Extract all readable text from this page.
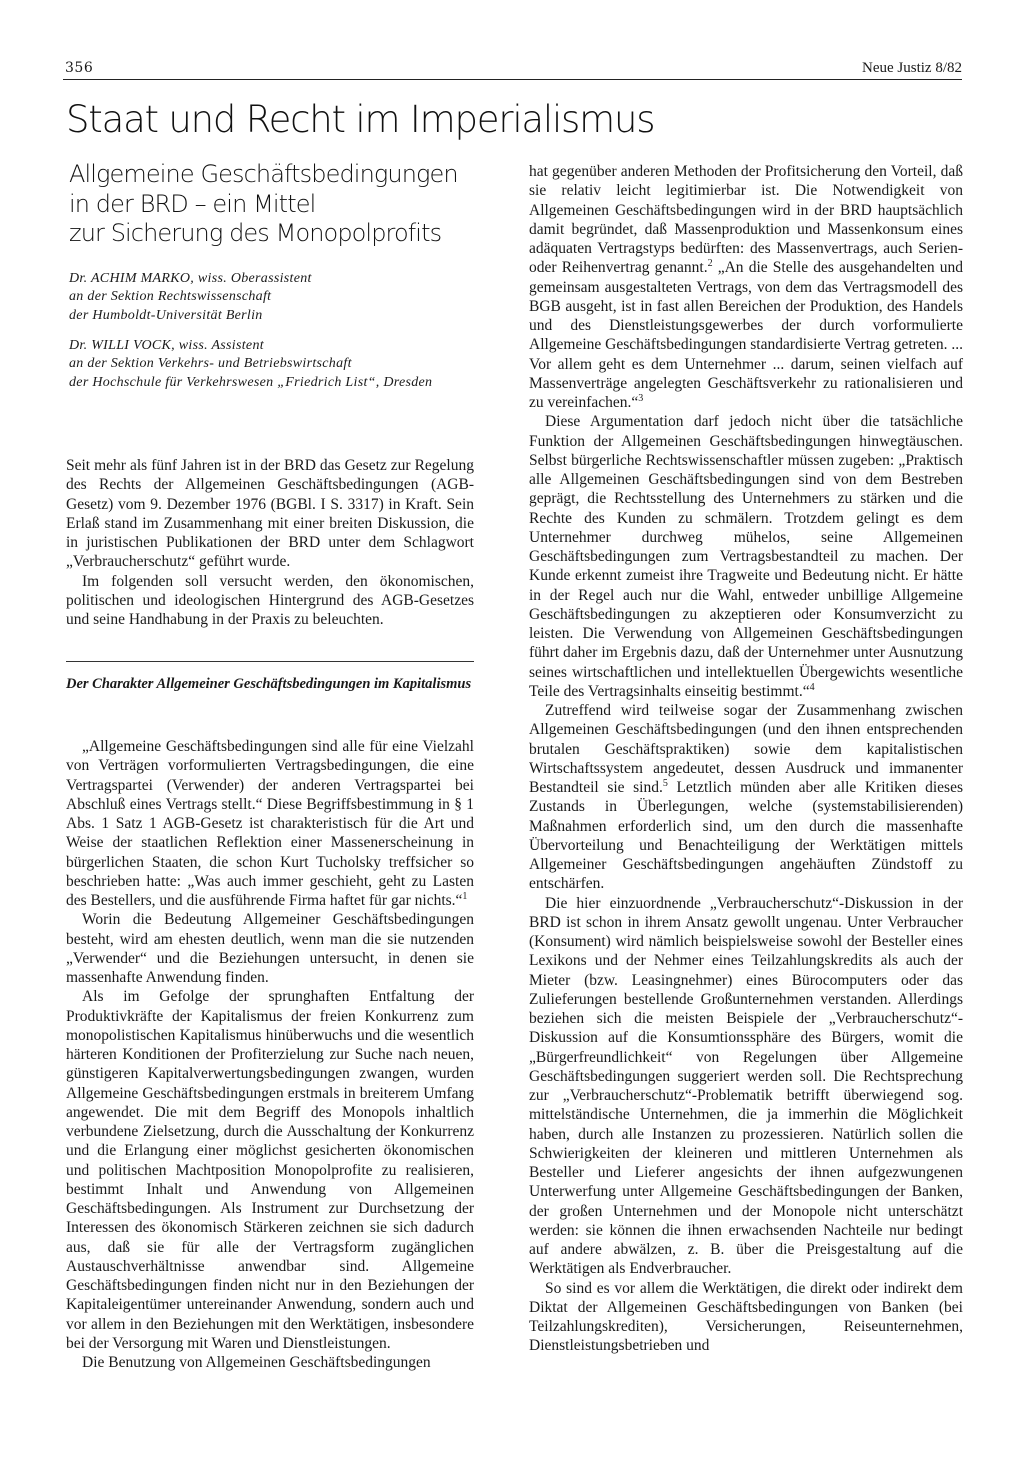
356	Neue Justiz 8/82
Staat und Recht im Imperialismus
Allgemeine Geschäftsbedingungen
in der BRD – ein Mittel
zur Sicherung des Monopolprofits
Dr. ACHIM MARKO, wiss. Oberassistent
an der Sektion Rechtswissenschaft
der Humboldt-Universität Berlin
Dr. WILLI VOCK, wiss. Assistent
an der Sektion Verkehrs- und Betriebswirtschaft
der Hochschule für Verkehrswesen „Friedrich List“, Dresden

Seit mehr als fünf Jahren ist in der BRD das Gesetz zur Regelung des Rechts der Allgemeinen Geschäftsbedingungen (AGB-Gesetz) vom 9. Dezember 1976 (BGBl. I S. 3317) in Kraft. Sein Erlaß stand im Zusammenhang mit einer breiten Diskussion, die in juristischen Publikationen der BRD unter dem Schlagwort „Verbraucherschutz“ geführt wurde.

Im folgenden soll versucht werden, den ökonomischen, politischen und ideologischen Hintergrund des AGB-Gesetzes und seine Handhabung in der Praxis zu beleuchten.

Der Charakter Allgemeiner Geschäftsbedingungen im Kapitalismus

„Allgemeine Geschäftsbedingungen sind alle für eine Vielzahl von Verträgen vorformulierten Vertragsbedingungen, die eine Vertragspartei (Verwender) der anderen Vertragspartei bei Abschluß eines Vertrags stellt.“ Diese Begriffsbestimmung in § 1 Abs. 1 Satz 1 AGB-Gesetz ist charakteristisch für die Art und Weise der staatlichen Reflektion einer Massenerscheinung in bürgerlichen Staaten, die schon Kurt Tucholsky treffsicher so beschrieben hatte: „Was auch immer geschieht, geht zu Lasten des Bestellers, und die ausführende Firma haftet für gar nichts.“$^1$

Worin die Bedeutung Allgemeiner Geschäftsbedingungen besteht, wird am ehesten deutlich, wenn man die sie nutzenden „Verwender“ und die Beziehungen untersucht, in denen sie massenhafte Anwendung finden.

Als im Gefolge der sprunghaften Entfaltung der Produktivkräfte der Kapitalismus der freien Konkurrenz zum monopolistischen Kapitalismus hinüberwuchs und die wesentlich härteren Konditionen der Profiterzielung zur Suche nach neuen, günstigeren Kapitalverwertungsbedingungen zwangen, wurden Allgemeine Geschäftsbedingungen erstmals in breiterem Umfang angewendet. Die mit dem Begriff des Monopols inhaltlich verbundene Zielsetzung, durch die Ausschaltung der Konkurrenz und die Erlangung einer möglichst gesicherten ökonomischen und politischen Machtposition Monopolprofite zu realisieren, bestimmt Inhalt und Anwendung von Allgemeinen Geschäftsbedingungen. Als Instrument zur Durchsetzung der Interessen des ökonomisch Stärkeren zeichnen sie sich dadurch aus, daß sie für alle der Vertragsform zugänglichen Austauschverhältnisse anwendbar sind. Allgemeine Geschäftsbedingungen finden nicht nur in den Beziehungen der Kapitaleigentümer untereinander Anwendung, sondern auch und vor allem in den Beziehungen mit den Werktätigen, insbesondere bei der Versorgung mit Waren und Dienstleistungen.

Die Benutzung von Allgemeinen Geschäftsbedingungen

hat gegenüber anderen Methoden der Profitsicherung den Vorteil, daß sie relativ leicht legitimierbar ist. Die Notwendigkeit von Allgemeinen Geschäftsbedingungen wird in der BRD hauptsächlich damit begründet, daß Massenproduktion und Massenkonsum eines adäquaten Vertragstyps bedürften: des Massenvertrags, auch Serien- oder Reihenvertrag genannt.$^2$ „An die Stelle des ausgehandelten und gemeinsam ausgestalteten Vertrags, von dem das Vertragsmodell des BGB ausgeht, ist in fast allen Bereichen der Produktion, des Handels und des Dienstleistungsgewerbes der durch vorformulierte Allgemeine Geschäftsbedingungen standardisierte Vertrag getreten. ... Vor allem geht es dem Unternehmer ... darum, seinen vielfach auf Massenverträge angelegten Geschäftsverkehr zu rationalisieren und zu vereinfachen.“$^3$

Diese Argumentation darf jedoch nicht über die tatsächliche Funktion der Allgemeinen Geschäftsbedingungen hinwegtäuschen. Selbst bürgerliche Rechtswissenschaftler müssen zugeben: „Praktisch alle Allgemeinen Geschäftsbedingungen sind von dem Bestreben geprägt, die Rechtsstellung des Unternehmers zu stärken und die Rechte des Kunden zu schmälern. Trotzdem gelingt es dem Unternehmer durchweg mühelos, seine Allgemeinen Geschäftsbedingungen zum Vertragsbestandteil zu machen. Der Kunde erkennt zumeist ihre Tragweite und Bedeutung nicht. Er hätte in der Regel auch nur die Wahl, entweder unbillige Allgemeine Geschäftsbedingungen zu akzeptieren oder Konsumverzicht zu leisten. Die Verwendung von Allgemeinen Geschäftsbedingungen führt daher im Ergebnis dazu, daß der Unternehmer unter Ausnutzung seines wirtschaftlichen und intellektuellen Übergewichts wesentliche Teile des Vertragsinhalts einseitig bestimmt.“$^4$

Zutreffend wird teilweise sogar der Zusammenhang zwischen Allgemeinen Geschäftsbedingungen (und den ihnen entsprechenden brutalen Geschäftspraktiken) sowie dem kapitalistischen Wirtschaftssystem angedeutet, dessen Ausdruck und immanenter Bestandteil sie sind.$^5$ Letztlich münden aber alle Kritiken dieses Zustands in Überlegungen, welche (systemstabilisierenden) Maßnahmen erforderlich sind, um den durch die massenhafte Übervorteilung und Benachteiligung der Werktätigen mittels Allgemeiner Geschäftsbedingungen angehäuften Zündstoff zu entschärfen.

Die hier einzuordnende „Verbraucherschutz“-Diskussion in der BRD ist schon in ihrem Ansatz gewollt ungenau. Unter Verbraucher (Konsument) wird nämlich beispielsweise sowohl der Besteller eines Lexikons und der Nehmer eines Teilzahlungskredits als auch der Mieter (bzw. Leasingnehmer) eines Bürocomputers oder das Zulieferungen bestellende Großunternehmen verstanden. Allerdings beziehen sich die meisten Beispiele der „Verbraucherschutz“-Diskussion auf die Konsumtionssphäre des Bürgers, womit die „Bürgerfreundlichkeit“ von Regelungen über Allgemeine Geschäftsbedingungen suggeriert werden soll. Die Rechtsprechung zur „Verbraucherschutz“-Problematik betrifft überwiegend sog. mittelständische Unternehmen, die ja immerhin die Möglichkeit haben, durch alle Instanzen zu prozessieren. Natürlich sollen die Schwierigkeiten der kleineren und mittleren Unternehmen als Besteller und Lieferer angesichts der ihnen aufgezwungenen Unterwerfung unter Allgemeine Geschäftsbedingungen der Banken, der großen Unternehmen und der Monopole nicht unterschätzt werden: sie können die ihnen erwachsenden Nachteile nur bedingt auf andere abwälzen, z. B. über die Preisgestaltung auf die Werktätigen als Endverbraucher.

So sind es vor allem die Werktätigen, die direkt oder indirekt dem Diktat der Allgemeinen Geschäftsbedingungen von Banken (bei Teilzahlungskrediten), Versicherungen, Reiseunternehmen, Dienstleistungsbetrieben und
